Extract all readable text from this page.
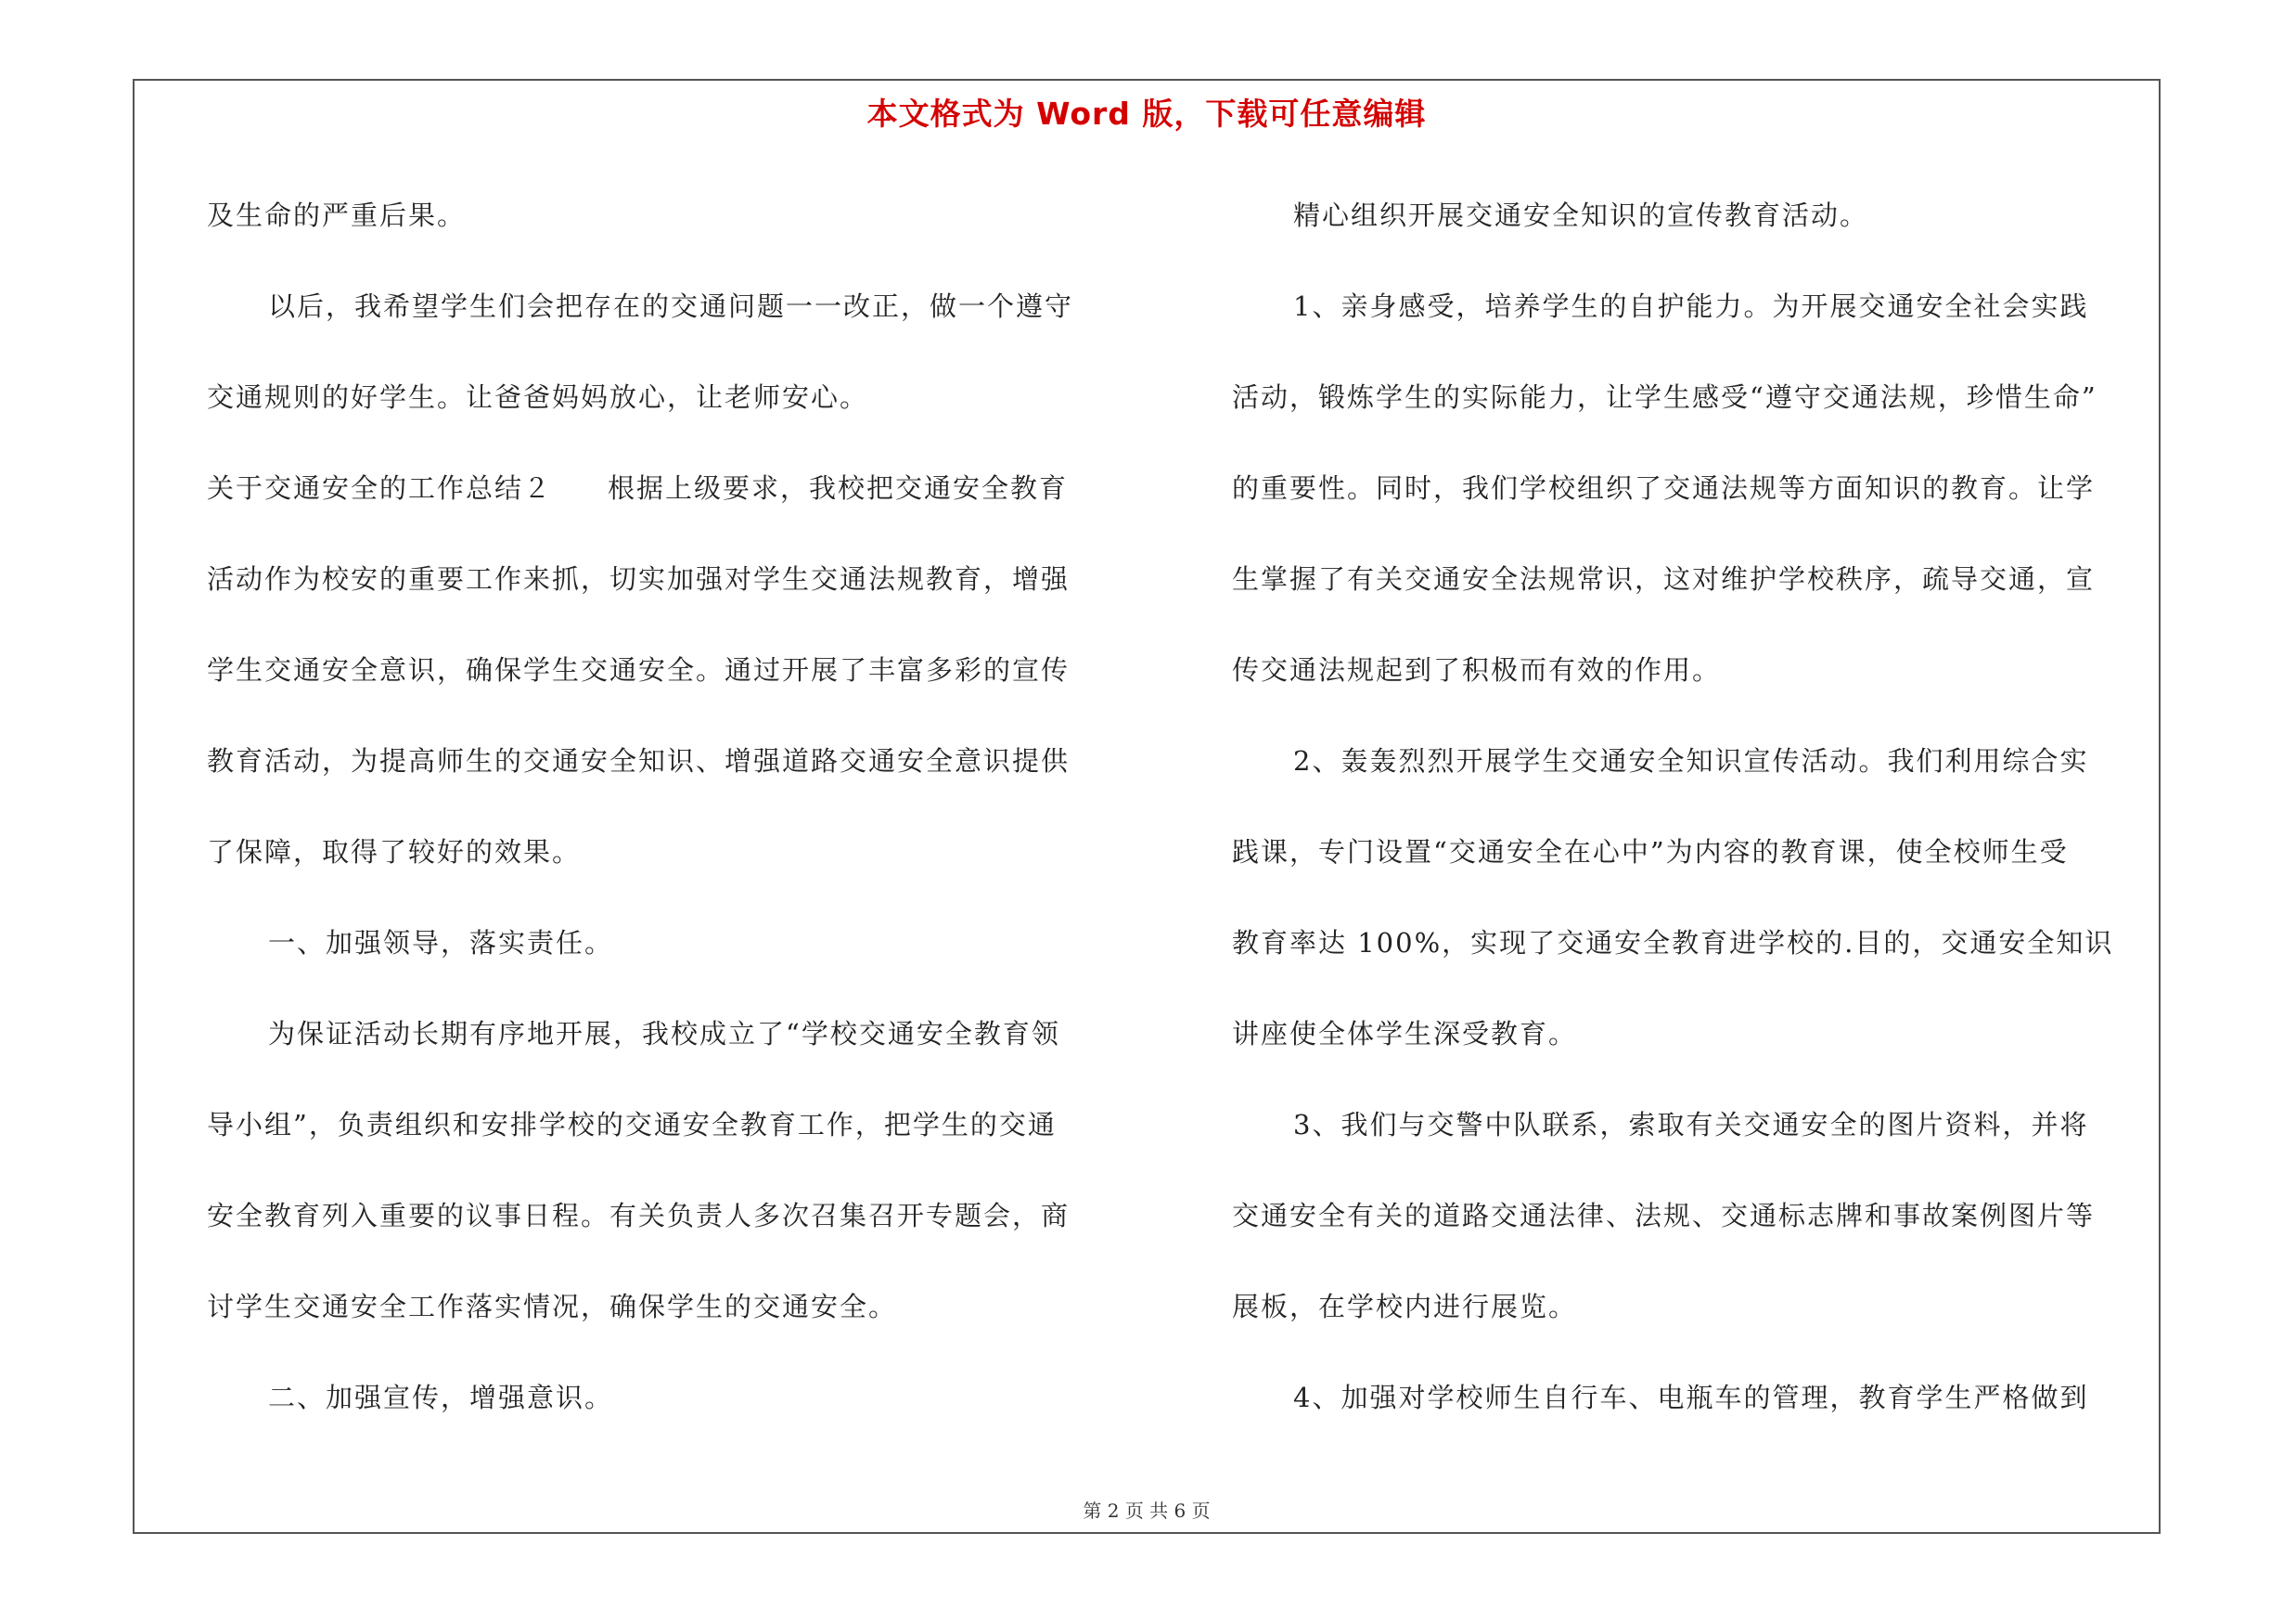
本文格式为 Word 版，下载可任意编辑
及生命的严重后果。
以后，我希望学生们会把存在的交通问题一一改正，做一个遵守
交通规则的好学生。让爸爸妈妈放心，让老师安心。
关于交通安全的工作总结２ 根据上级要求，我校把交通安全教育
活动作为校安的重要工作来抓，切实加强对学生交通法规教育，增强
学生交通安全意识，确保学生交通安全。通过开展了丰富多彩的宣传
教育活动，为提高师生的交通安全知识、增强道路交通安全意识提供
了保障，取得了较好的效果。
一、加强领导，落实责任。
为保证活动长期有序地开展，我校成立了“学校交通安全教育领
导小组”，负责组织和安排学校的交通安全教育工作，把学生的交通
安全教育列入重要的议事日程。有关负责人多次召集召开专题会，商
讨学生交通安全工作落实情况，确保学生的交通安全。
二、加强宣传，增强意识。
精心组织开展交通安全知识的宣传教育活动。
1、亲身感受，培养学生的自护能力。为开展交通安全社会实践
活动，锻炼学生的实际能力，让学生感受“遵守交通法规，珍惜生命”
的重要性。同时，我们学校组织了交通法规等方面知识的教育。让学
生掌握了有关交通安全法规常识，这对维护学校秩序，疏导交通，宣
传交通法规起到了积极而有效的作用。
2、轰轰烈烈开展学生交通安全知识宣传活动。我们利用综合实
践课，专门设置“交通安全在心中”为内容的教育课，使全校师生受
教育率达 100%，实现了交通安全教育进学校的.目的，交通安全知识
讲座使全体学生深受教育。
3、我们与交警中队联系，索取有关交通安全的图片资料，并将
交通安全有关的道路交通法律、法规、交通标志牌和事故案例图片等
展板，在学校内进行展览。
4、加强对学校师生自行车、电瓶车的管理，教育学生严格做到
第 2 页 共 6 页
